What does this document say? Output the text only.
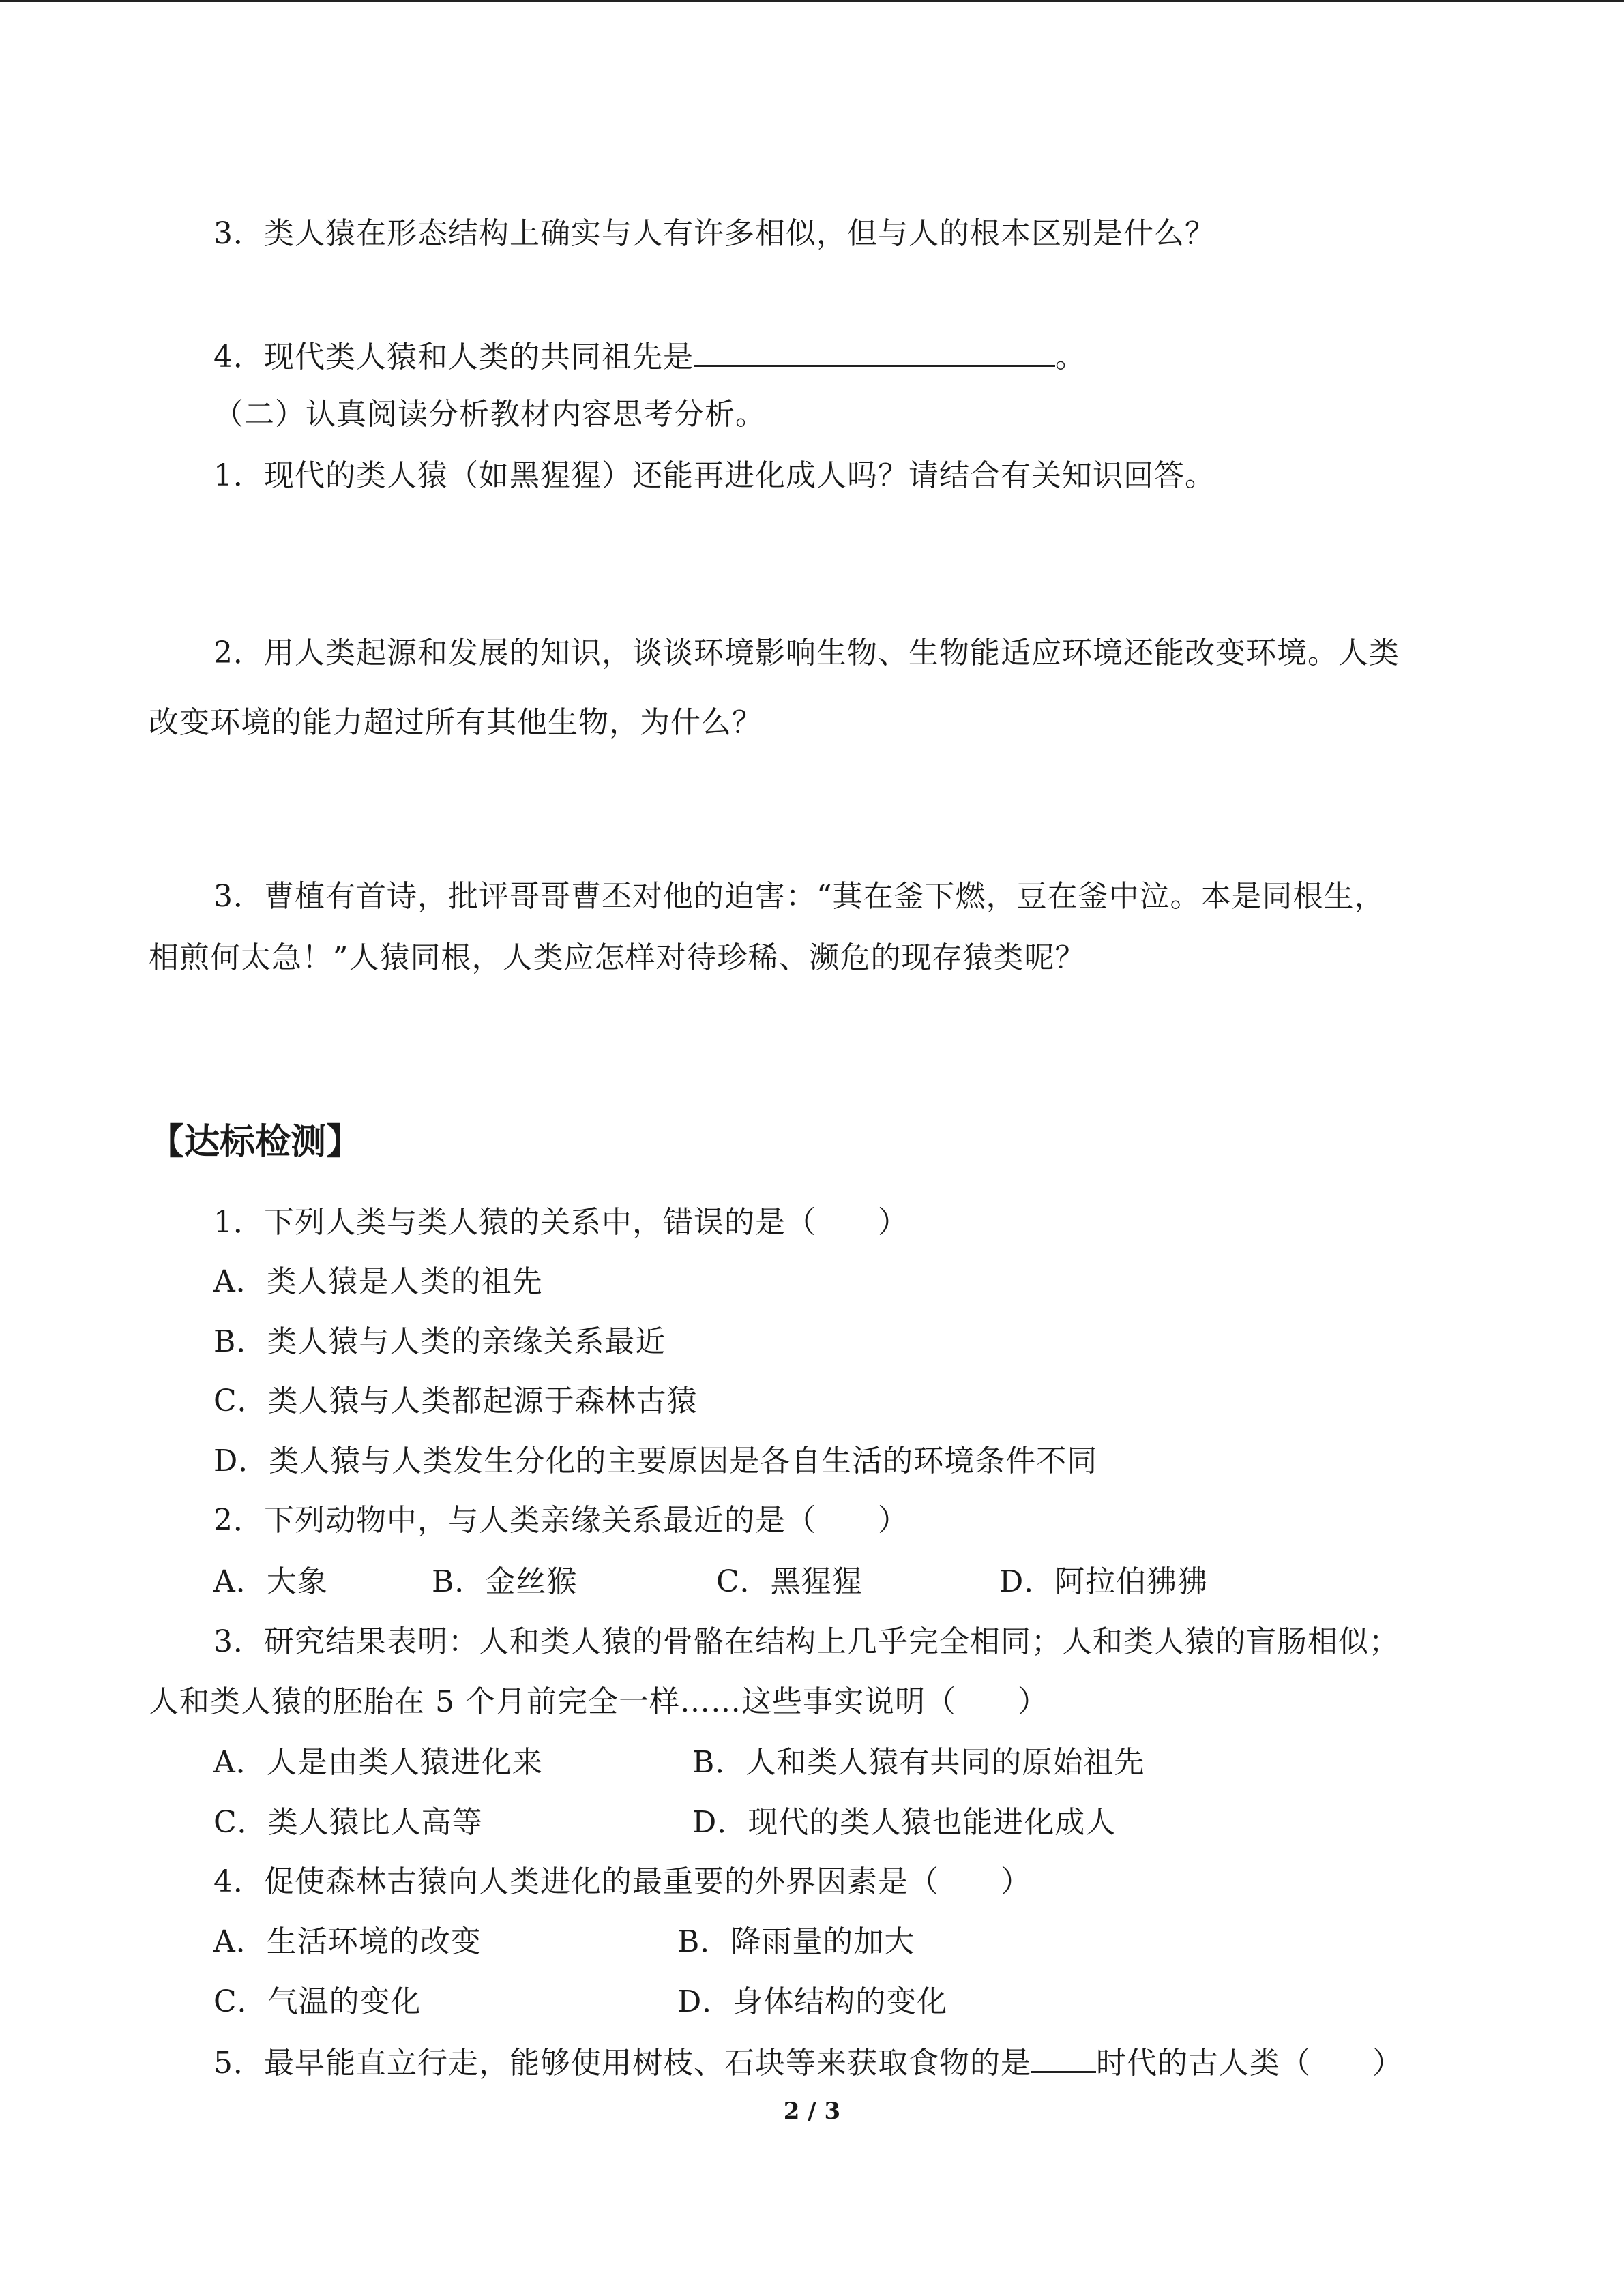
3．类人猿在形态结构上确实与人有许多相似，但与人的根本区别是什么？
4．现代类人猿和人类的共同祖先是	。
（二）认真阅读分析教材内容思考分析。
1．现代的类人猿（如黑猩猩）还能再进化成人吗？请结合有关知识回答。
2．用人类起源和发展的知识，谈谈环境影响生物、生物能适应环境还能改变环境。人类
改变环境的能力超过所有其他生物，为什么？
3．曹植有首诗，批评哥哥曹丕对他的迫害：“萁在釜下燃，豆在釜中泣。本是同根生，
相煎何太急！”人猿同根，人类应怎样对待珍稀、濒危的现存猿类呢？
【达标检测】
1．下列人类与类人猿的关系中，错误的是（　　）
A．类人猿是人类的祖先
B．类人猿与人类的亲缘关系最近
C．类人猿与人类都起源于森林古猿
D．类人猿与人类发生分化的主要原因是各自生活的环境条件不同
2．下列动物中，与人类亲缘关系最近的是（　　）
A．大象	B．金丝猴	C．黑猩猩	D．阿拉伯狒狒
3．研究结果表明：人和类人猿的骨骼在结构上几乎完全相同；人和类人猿的盲肠相似；
人和类人猿的胚胎在 5 个月前完全一样……这些事实说明（　　）
A．人是由类人猿进化来	B．人和类人猿有共同的原始祖先
C．类人猿比人高等	D．现代的类人猿也能进化成人
4．促使森林古猿向人类进化的最重要的外界因素是（　　）
A．生活环境的改变	B．降雨量的加大
C．气温的变化	D．身体结构的变化
5．最早能直立行走，能够使用树枝、石块等来获取食物的是 时代的古人类（　　）
2 / 3
